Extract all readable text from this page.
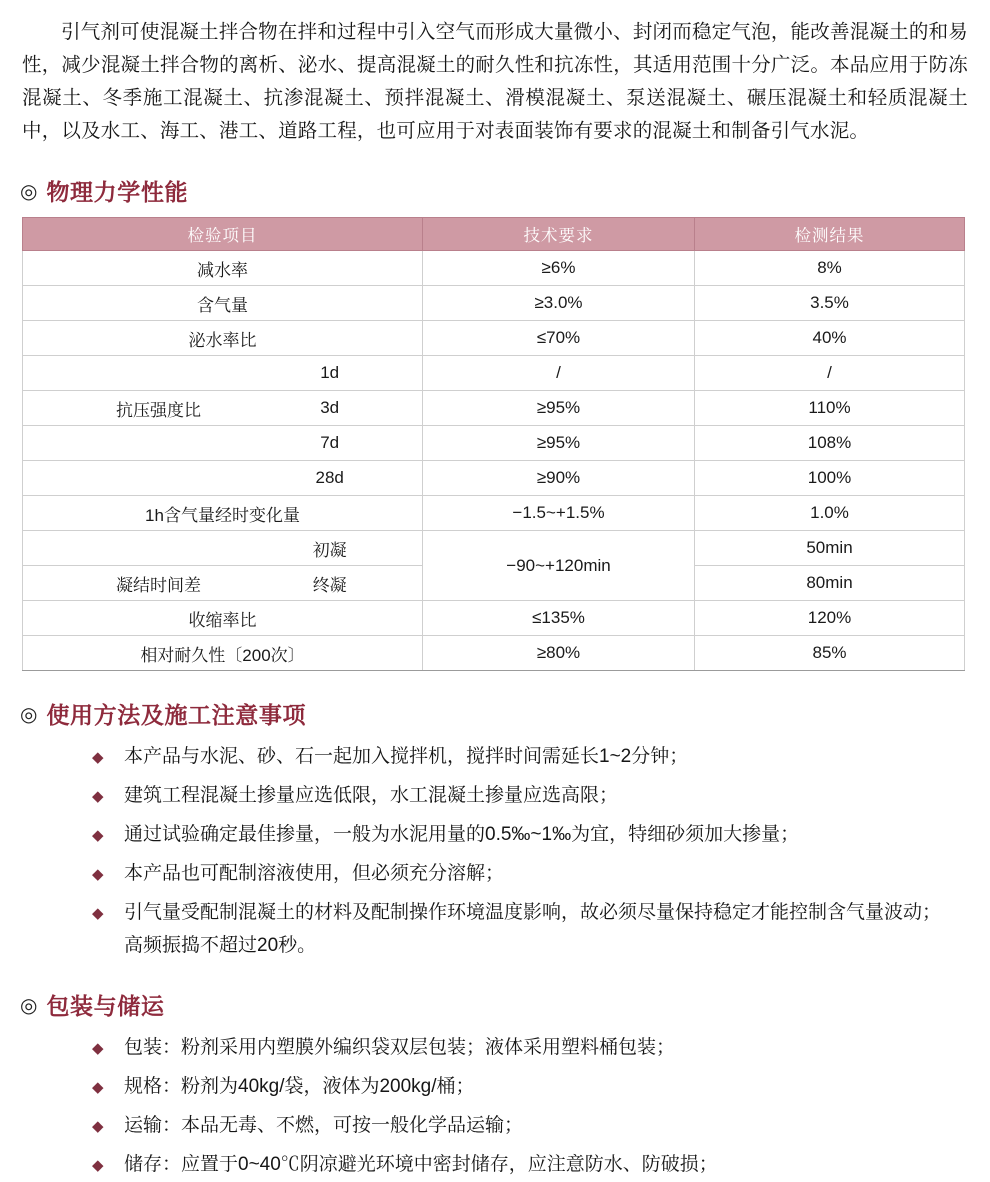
引气剂可使混凝土拌合物在拌和过程中引入空气而形成大量微小、封闭而稳定气泡，能改善混凝土的和易性，减少混凝土拌合物的离析、泌水、提高混凝土的耐久性和抗冻性，其适用范围十分广泛。本品应用于防冻混凝土、冬季施工混凝土、抗渗混凝土、预拌混凝土、滑模混凝土、泵送混凝土、碾压混凝土和轻质混凝土中，以及水工、海工、港工、道路工程，也可应用于对表面装饰有要求的混凝土和制备引气水泥。

◎ 物理力学性能
检验项目	技术要求	检测结果
减水率	≥6%	8%
含气量	≥3.0%	3.5%
泌水率比	≤70%	40%

1d	/	/

抗压强度比 3d	≥95%	110%

7d	≥95%	108%

28d	≥90%	100%
1h含气量经时变化量	−1.5~+1.5%	1.0%

初凝	−90~+120min	50min

凝结时间差 终凝		80min
收缩率比	≤135%	120%
相对耐久性〔200次〕	≥80%	85%
◎ 使用方法及施工注意事项
◆ 本产品与水泥、砂、石一起加入搅拌机，搅拌时间需延长1~2分钟；
◆ 建筑工程混凝土掺量应选低限，水工混凝土掺量应选高限；
◆ 通过试验确定最佳掺量，一般为水泥用量的0.5‰~1‰为宜，特细砂须加大掺量；
◆ 本产品也可配制溶液使用，但必须充分溶解；
◆ 引气量受配制混凝土的材料及配制操作环境温度影响，故必须尽量保持稳定才能控制含气量波动；
高频振捣不超过20秒。
◎ 包装与储运
◆ 包装：粉剂采用内塑膜外编织袋双层包装；液体采用塑料桶包装；
◆ 规格：粉剂为40kg/袋，液体为200kg/桶；
◆ 运输：本品无毒、不燃，可按一般化学品运输；
◆ 储存：应置于0~40℃阴凉避光环境中密封储存，应注意防水、防破损；
